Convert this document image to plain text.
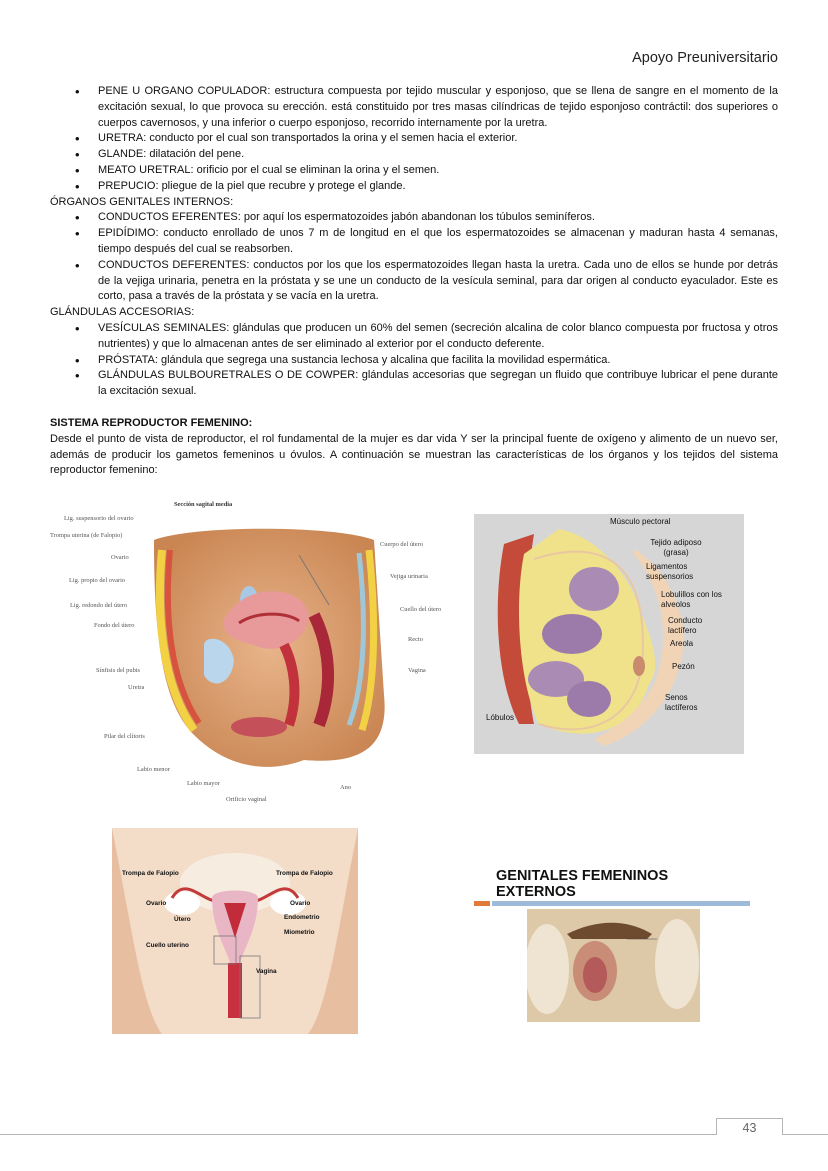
Apoyo Preuniversitario
• PENE U ORGANO COPULADOR: estructura compuesta por tejido muscular y esponjoso, que se llena de sangre en el momento de la excitación sexual, lo que provoca su erección. está constituido por tres masas cilíndricas de tejido esponjoso contráctil: dos superiores o cuerpos cavernosos, y una inferior o cuerpo esponjoso, recorrido internamente por la uretra.
• URETRA: conducto por el cual son transportados la orina y el semen hacia el exterior.
• GLANDE: dilatación del pene.
• MEATO URETRAL: orificio por el cual se eliminan la orina y el semen.
• PREPUCIO: pliegue de la piel que recubre y protege el glande.
ÓRGANOS GENITALES INTERNOS:
• CONDUCTOS EFERENTES: por aquí los espermatozoides jabón abandonan los túbulos seminíferos.
• EPIDÍDIMO: conducto enrollado de unos 7 m de longitud en el que los espermatozoides se almacenan y maduran hasta 4 semanas, tiempo después del cual se reabsorben.
• CONDUCTOS DEFERENTES: conductos por los que los espermatozoides llegan hasta la uretra. Cada uno de ellos se hunde por detrás de la vejiga urinaria, penetra en la próstata y se une un conducto de la vesícula seminal, para dar origen al conducto eyaculador. Este es corto, pasa a través de la próstata y se vacía en la uretra.
GLÁNDULAS ACCESORIAS:
• VESÍCULAS SEMINALES: glándulas que producen un 60% del semen (secreción alcalina de color blanco compuesta por fructosa y otros nutrientes) y que lo almacenan antes de ser eliminado al exterior por el conducto deferente.
• PRÓSTATA: glándula que segrega una sustancia lechosa y alcalina que facilita la movilidad espermática.
• GLÁNDULAS BULBOURETRALES O DE COWPER: glándulas accesorias que segregan un fluido que contribuye lubricar el pene durante la excitación sexual.
SISTEMA REPRODUCTOR FEMENINO:
Desde el punto de vista de reproductor, el rol fundamental de la mujer es dar vida Y ser la principal fuente de oxígeno y alimento de un nuevo ser, además de producir los gametos femeninos u óvulos. A continuación se muestran las características de los órganos y los tejidos del sistema reproductor femenino:
Sección sagital media
Lig. suspensorio del ovario
Trompa uterina (de Falopio)
Ovario
Lig. propio del ovario
Lig. redondo del útero
Fondo del útero
Sínfisis del pubis
Uretra
Pilar del clítoris
Labio menor
Labio mayor
Cuerpo del útero
Vejiga urinaria
Cuello del útero
Recto
Vagina
Orificio vaginal
Ano
Músculo pectoral
Tejido adiposo (grasa)
Ligamentos suspensorios
Lobulillos con los alveolos
Conducto lactífero
Areola
Pezón
Senos lactíferos
Lóbulos
Trompa de Falopio	Trompa de Falopio
Ovario	Ovario
Útero	Endometrio
Miometrio
Cuello uterino
Vagina
GENITALES FEMENINOS EXTERNOS
43
